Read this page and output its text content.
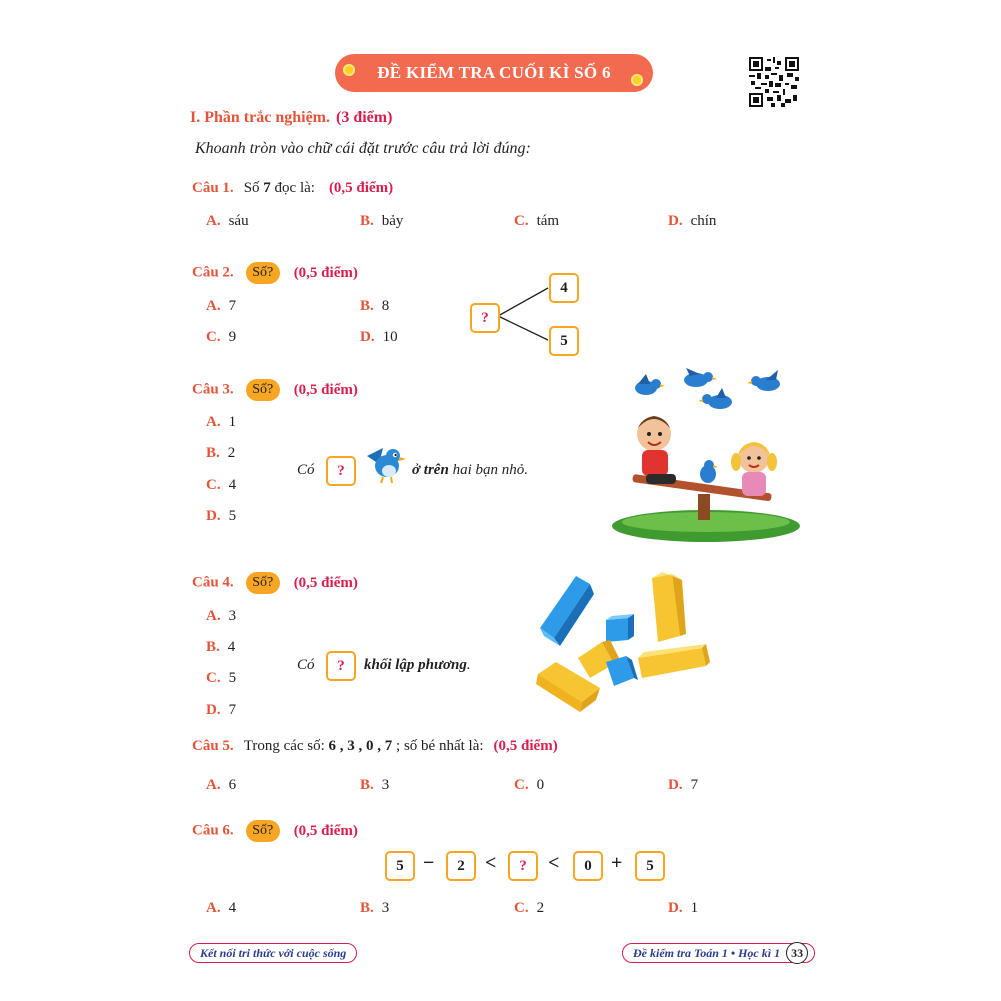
ĐỀ KIỂM TRA CUỐI KÌ SỐ 6
I. Phần trắc nghiệm. (3 điểm)
Khoanh tròn vào chữ cái đặt trước câu trả lời đúng:
Câu 1. Số 7 đọc là: (0,5 điểm)
A. sáu	B. bảy	C. tám	D. chín
Câu 2. Số? (0,5 điểm)
A. 7	B. 8
C. 9	D. 10
?
4
5
Câu 3. Số? (0,5 điểm)
A. 1
B. 2
C. 4
D. 5
Có	?	ở trên hai bạn nhỏ.
Câu 4. Số? (0,5 điểm)
A. 3
B. 4
C. 5
D. 7
Có	?	khối lập phương.
Câu 5. Trong các số: 6 , 3 , 0 , 7 ; số bé nhất là: (0,5 điểm)
A. 6	B. 3	C. 0	D. 7
Câu 6. Số? (0,5 điểm)
5 −	2	<	?	<	0 +	5
A. 4	B. 3	C. 2	D. 1
Kết nối tri thức với cuộc sống	Đề kiểm tra Toán 1 • Học kì 1 33
